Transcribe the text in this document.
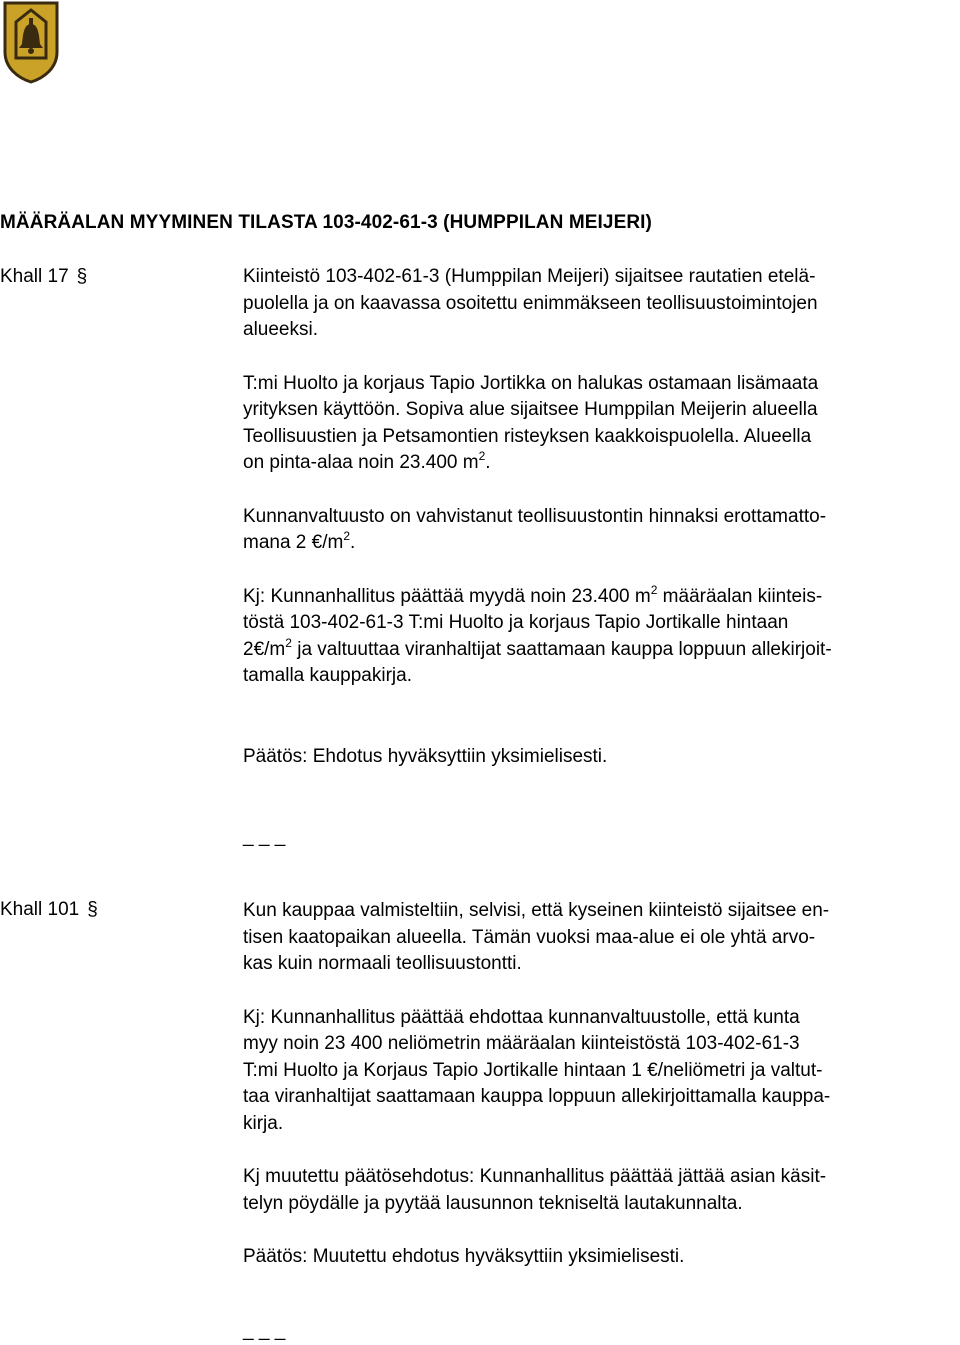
HUMPPILAN KUNTA
Kunnanhallitus
Kokouspäivämäärä
30.5.2016
MÄÄRÄALAN MYYMINEN TILASTA 103-402-61-3 (HUMPPILAN MEIJERI)
Khall 17 §	Kiinteistö 103-402-61-3 (Humppilan Meijeri) sijaitsee rautatien etelä-
puolella ja on kaavassa osoitettu enimmäkseen teollisuustoimintojen
alueeksi.

T:mi Huolto ja korjaus Tapio Jortikka on halukas ostamaan lisämaata
yrityksen käyttöön. Sopiva alue sijaitsee Humppilan Meijerin alueella
Teollisuustien ja Petsamontien risteyksen kaakkoispuolella. Alueella
on pinta-alaa noin 23.400 $m^2$.

Kunnanvaltuusto on vahvistanut teollisuustontin hinnaksi erottamatto-
mana 2 $€/m^2$.

Kj: Kunnanhallitus päättää myydä noin 23.400 $m^2$ määräalan kiinteis-
töstä 103-402-61-3 T:mi Huolto ja korjaus Tapio Jortikalle hintaan
$2€/m^2$ ja valtuuttaa viranhaltijat saattamaan kauppa loppuun allekirjoit-
tamalla kauppakirja.

Päätös: Ehdotus hyväksyttiin yksimielisesti.

_ _ _
Khall 101 §	Kun kauppaa valmisteltiin, selvisi, että kyseinen kiinteistö sijaitsee en-
tisen kaatopaikan alueella. Tämän vuoksi maa-alue ei ole yhtä arvo-
kas kuin normaali teollisuustontti.

Kj: Kunnanhallitus päättää ehdottaa kunnanvaltuustolle, että kunta
myy noin 23 400 neliömetrin määräalan kiinteistöstä 103-402-61-3
T:mi Huolto ja Korjaus Tapio Jortikalle hintaan 1 €/neliömetri ja valtut-
taa viranhaltijat saattamaan kauppa loppuun allekirjoittamalla kauppa-
kirja.

Kj muutettu päätösehdotus: Kunnanhallitus päättää jättää asian käsit-
telyn pöydälle ja pyytää lausunnon tekniseltä lautakunnalta.

Päätös: Muutettu ehdotus hyväksyttiin yksimielisesti.

_ _ _
